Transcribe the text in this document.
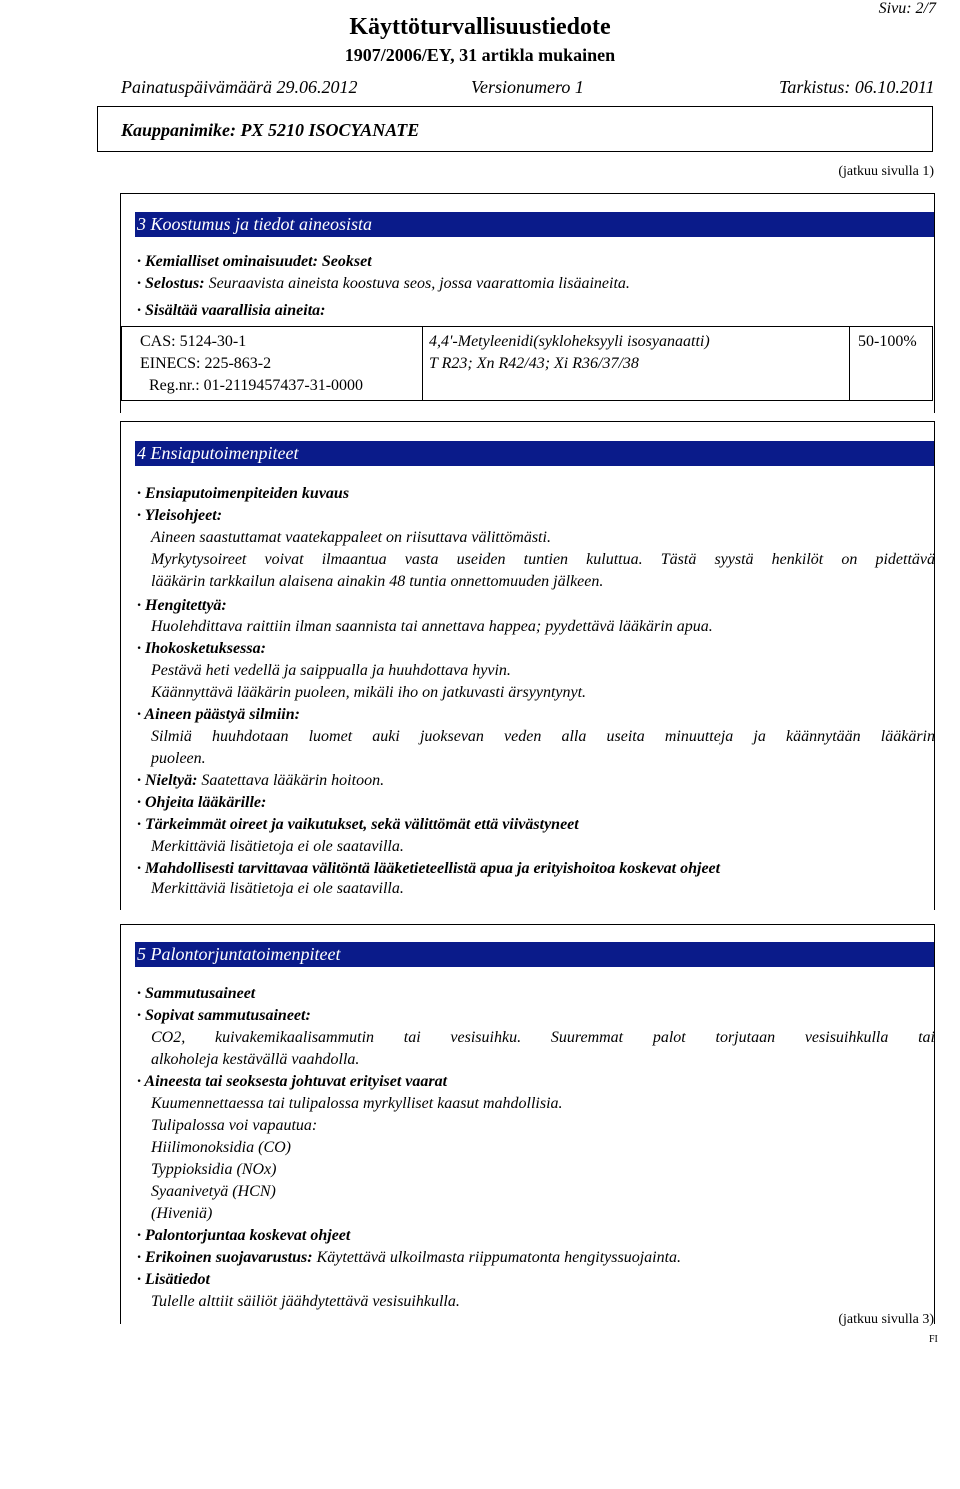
Sivu: 2/7
Käyttöturvallisuustiedote
1907/2006/EY, 31 artikla mukainen
Painatuspäivämäärä 29.06.2012	Versionumero 1	Tarkistus: 06.10.2011
Kauppanimike: PX 5210 ISOCYANATE
(jatkuu sivulla 1)
3 Koostumus ja tiedot aineosista
· Kemialliset ominaisuudet: Seokset
· Selostus: Seuraavista aineista koostuva seos, jossa vaarattomia lisäaineita.
· Sisältää vaarallisia aineita:
CAS: 5124-30-1
EINECS: 225-863-2
Reg.nr.: 01-2119457437-31-0000
4,4'-Metyleenidi(sykloheksyyli isosyanaatti)
T R23; Xn R42/43; Xi R36/37/38
50-100%
4 Ensiaputoimenpiteet
· Ensiaputoimenpiteiden kuvaus
· Yleisohjeet:
Aineen saastuttamat vaatekappaleet on riisuttava välittömästi.
Myrkytysoireet voivat ilmaantua vasta useiden tuntien kuluttua. Tästä syystä henkilöt on pidettävä
lääkärin tarkkailun alaisena ainakin 48 tuntia onnettomuuden jälkeen.
· Hengitettyä:
Huolehdittava raittiin ilman saannista tai annettava happea; pyydettävä lääkärin apua.
· Ihokosketuksessa:
Pestävä heti vedellä ja saippualla ja huuhdottava hyvin.
Käännyttävä lääkärin puoleen, mikäli iho on jatkuvasti ärsyyntynyt.
· Aineen päästyä silmiin:
Silmiä huuhdotaan luomet auki juoksevan veden alla useita minuutteja ja käännytään lääkärin
puoleen.
· Nieltyä: Saatettava lääkärin hoitoon.
· Ohjeita lääkärille:
· Tärkeimmät oireet ja vaikutukset, sekä välittömät että viivästyneet
Merkittäviä lisätietoja ei ole saatavilla.
· Mahdollisesti tarvittavaa välitöntä lääketieteellistä apua ja erityishoitoa koskevat ohjeet
Merkittäviä lisätietoja ei ole saatavilla.
5 Palontorjuntatoimenpiteet
· Sammutusaineet
· Sopivat sammutusaineet:
CO2, kuivakemikaalisammutin tai vesisuihku. Suuremmat palot torjutaan vesisuihkulla tai
alkoholeja kestävällä vaahdolla.
· Aineesta tai seoksesta johtuvat erityiset vaarat
Kuumennettaessa tai tulipalossa myrkylliset kaasut mahdollisia.
Tulipalossa voi vapautua:
Hiilimonoksidia (CO)
Typpioksidia (NOx)
Syaanivetyä (HCN)
(Hiveniä)
· Palontorjuntaa koskevat ohjeet
· Erikoinen suojavarustus: Käytettävä ulkoilmasta riippumatonta hengityssuojainta.
· Lisätiedot
Tulelle alttiit säiliöt jäähdytettävä vesisuihkulla.
(jatkuu sivulla 3)
FI
